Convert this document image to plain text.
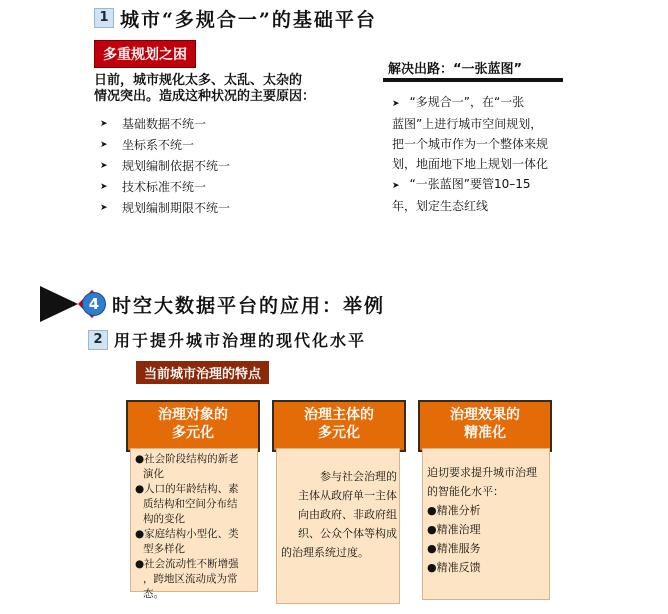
1 城市“多规合一”的基础平台
多重规划之困
日前，城市规化太多、太乱、太杂的
情况突出。造成这种状况的主要原因：
➤ 基础数据不统一
➤ 坐标系不统一
➤ 规划编制依据不统一
➤ 技术标准不统一
➤ 规划编制期限不统一
解决出路：“一张蓝图”
➤ “多规合一”，在“一张
蓝图”上进行城市空间规划，
把一个城市作为一个整体来规
划，地面地下地上规划一体化
➤ “一张蓝图”要管10–15
年，划定生态红线
4 时空大数据平台的应用：举例
2 用于提升城市治理的现代化水平
当前城市治理的特点
治理对象的
多元化
●社会阶段结构的新老
演化
●人口的年龄结构、素
质结构和空间分布结
构的变化
●家庭结构小型化、类
型多样化
●社会流动性不断增强
，跨地区流动成为常
态。
治理主体的
多元化
参与社会治理的
主体从政府单一主体
向由政府、非政府组
织、公众个体等构成
的治理系统过度。
治理效果的
精准化
迫切要求提升城市治理
的智能化水平：
●精准分析
●精准治理
●精准服务
●精准反馈
